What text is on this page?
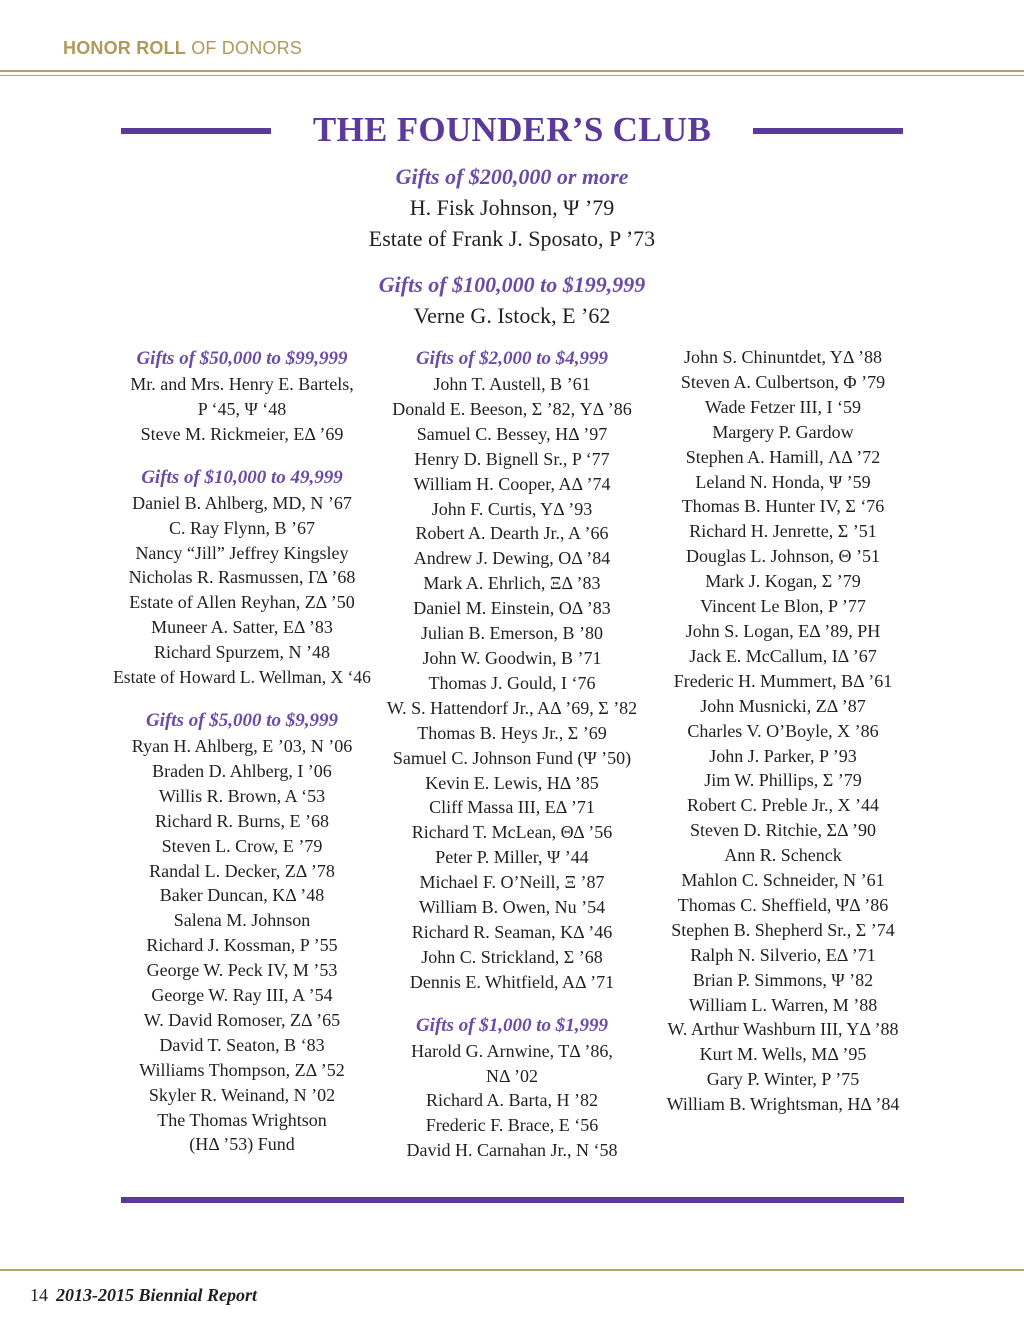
HONOR ROLL OF DONORS
THE FOUNDER’S CLUB
Gifts of $200,000 or more
H. Fisk Johnson, Ψ ’79
Estate of Frank J. Sposato, P ’73
Gifts of $100,000 to $199,999
Verne G. Istock, E ’62
Gifts of $50,000 to $99,999
Mr. and Mrs. Henry E. Bartels,
P ‘45, Ψ ‘48
Steve M. Rickmeier, EΔ ’69
Gifts of $10,000 to 49,999
Daniel B. Ahlberg, MD, N ’67
C. Ray Flynn, B ’67
Nancy “Jill” Jeffrey Kingsley
Nicholas R. Rasmussen, ΓΔ ’68
Estate of Allen Reyhan, ZΔ ’50
Muneer A. Satter, EΔ ’83
Richard Spurzem, N ’48
Estate of Howard L. Wellman, X ‘46
Gifts of $5,000 to $9,999
Ryan H. Ahlberg, E ’03, N ’06
Braden D. Ahlberg, I ’06
Willis R. Brown, A ‘53
Richard R. Burns, E ’68
Steven L. Crow, E ’79
Randal L. Decker, ZΔ ’78
Baker Duncan, KΔ ’48
Salena M. Johnson
Richard J. Kossman, P ’55
George W. Peck IV, M ’53
George W. Ray III, A ’54
W. David Romoser, ZΔ ’65
David T. Seaton, B ‘83
Williams Thompson, ZΔ ’52
Skyler R. Weinand, N ’02
The Thomas Wrightson
(HΔ ’53) Fund
Gifts of $2,000 to $4,999
John T. Austell, B ’61
Donald E. Beeson, Σ ’82, YΔ ’86
Samuel C. Bessey, HΔ ’97
Henry D. Bignell Sr., P ‘77
William H. Cooper, AΔ ’74
John F. Curtis, YΔ ’93
Robert A. Dearth Jr., A ’66
Andrew J. Dewing, OΔ ’84
Mark A. Ehrlich, ΞΔ ’83
Daniel M. Einstein, OΔ ’83
Julian B. Emerson, B ’80
John W. Goodwin, B ’71
Thomas J. Gould, I ‘76
W. S. Hattendorf Jr., AΔ ’69, Σ ’82
Thomas B. Heys Jr., Σ ’69
Samuel C. Johnson Fund (Ψ ’50)
Kevin E. Lewis, HΔ ’85
Cliff Massa III, EΔ ’71
Richard T. McLean, ΘΔ ’56
Peter P. Miller, Ψ ’44
Michael F. O’Neill, Ξ ’87
William B. Owen, Nu ’54
Richard R. Seaman, KΔ ’46
John C. Strickland, Σ ’68
Dennis E. Whitfield, AΔ ’71
Gifts of $1,000 to $1,999
Harold G. Arnwine, TΔ ’86,
NΔ ’02
Richard A. Barta, H ’82
Frederic F. Brace, E ‘56
David H. Carnahan Jr., N ‘58
John S. Chinuntdet, YΔ ’88
Steven A. Culbertson, Φ ’79
Wade Fetzer III, I ‘59
Margery P. Gardow
Stephen A. Hamill, ΛΔ ’72
Leland N. Honda, Ψ ’59
Thomas B. Hunter IV, Σ ‘76
Richard H. Jenrette, Σ ’51
Douglas L. Johnson, Θ ’51
Mark J. Kogan, Σ ’79
Vincent Le Blon, P ’77
John S. Logan, EΔ ’89, PH
Jack E. McCallum, IΔ ’67
Frederic H. Mummert, BΔ ’61
John Musnicki, ZΔ ’87
Charles V. O’Boyle, X ’86
John J. Parker, P ’93
Jim W. Phillips, Σ ’79
Robert C. Preble Jr., X ’44
Steven D. Ritchie, ΣΔ ’90
Ann R. Schenck
Mahlon C. Schneider, N ’61
Thomas C. Sheffield, ΨΔ ’86
Stephen B. Shepherd Sr., Σ ’74
Ralph N. Silverio, EΔ ’71
Brian P. Simmons, Ψ ’82
William L. Warren, M ’88
W. Arthur Washburn III, YΔ ’88
Kurt M. Wells, MΔ ’95
Gary P. Winter, P ’75
William B. Wrightsman, HΔ ’84
14 2013-2015 Biennial Report
